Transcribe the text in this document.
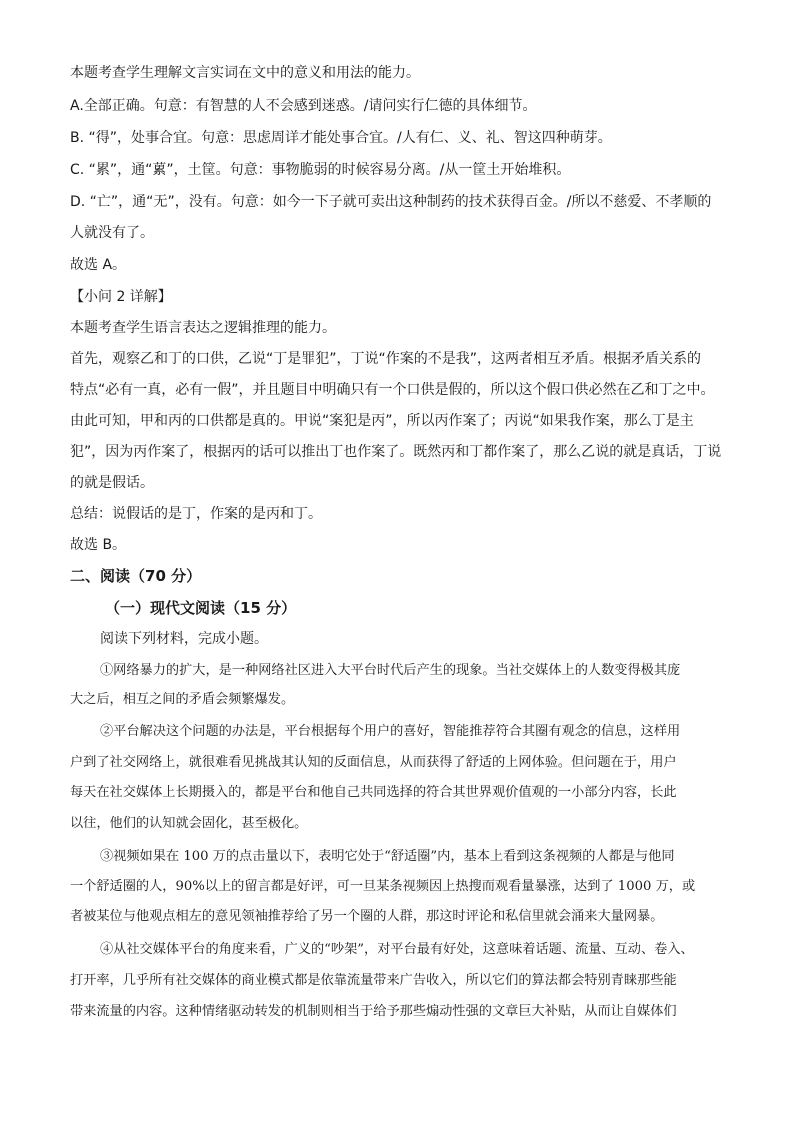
本题考查学生理解文言实词在文中的意义和用法的能力。
A.全部正确。句意：有智慧的人不会感到迷惑。/请问实行仁德的具体细节。
B. “得”，处事合宜。句意：思虑周详才能处事合宜。/人有仁、义、礼、智这四种萌芽。
C. “累”，通“蔂”，土筐。句意：事物脆弱的时候容易分离。/从一筐土开始堆积。
D. “亡”，通“无”，没有。句意：如今一下子就可卖出这种制药的技术获得百金。/所以不慈爱、不孝顺的
人就没有了。
故选 A。
【小问 2 详解】
本题考查学生语言表达之逻辑推理的能力。
首先，观察乙和丁的口供，乙说“丁是罪犯”，丁说“作案的不是我”，这两者相互矛盾。根据矛盾关系的
特点“必有一真，必有一假”，并且题目中明确只有一个口供是假的，所以这个假口供必然在乙和丁之中。
由此可知，甲和丙的口供都是真的。甲说“案犯是丙”，所以丙作案了；丙说“如果我作案，那么丁是主
犯”，因为丙作案了，根据丙的话可以推出丁也作案了。既然丙和丁都作案了，那么乙说的就是真话，丁说
的就是假话。
总结：说假话的是丁，作案的是丙和丁。
故选 B。
二、阅读（70 分）
（一）现代文阅读（15 分）
阅读下列材料，完成小题。
①网络暴力的扩大，是一种网络社区进入大平台时代后产生的现象。当社交媒体上的人数变得极其庞
大之后，相互之间的矛盾会频繁爆发。
②平台解决这个问题的办法是，平台根据每个用户的喜好，智能推荐符合其圈有观念的信息，这样用
户到了社交网络上，就很难看见挑战其认知的反面信息，从而获得了舒适的上网体验。但问题在于，用户
每天在社交媒体上长期摄入的，都是平台和他自己共同选择的符合其世界观价值观的一小部分内容，长此
以往，他们的认知就会固化，甚至极化。
③视频如果在 100 万的点击量以下，表明它处于“舒适圈”内，基本上看到这条视频的人都是与他同
一个舒适圈的人，90%以上的留言都是好评，可一旦某条视频因上热搜而观看量暴涨，达到了 1000 万，或
者被某位与他观点相左的意见领袖推荐给了另一个圈的人群，那这时评论和私信里就会涌来大量网暴。
④从社交媒体平台的角度来看，广义的“吵架”，对平台最有好处，这意味着话题、流量、互动、卷入、
打开率，几乎所有社交媒体的商业模式都是依靠流量带来广告收入，所以它们的算法都会特别青睐那些能
带来流量的内容。这种情绪驱动转发的机制则相当于给予那些煽动性强的文章巨大补贴，从而让自媒体们
